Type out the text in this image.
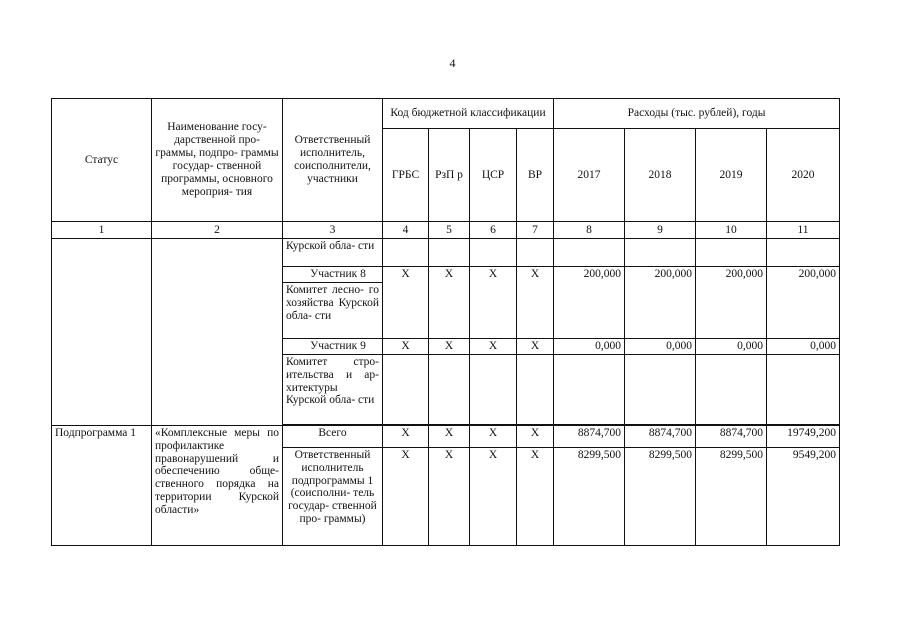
4
Статус	Наименование госу- дарственной про- граммы, подпро- граммы государ- ственной программы, основного мероприя- тия	Ответственный исполнитель, соисполнители, участники	Код бюджетной классификации				Расходы (тыс. рублей), годы			
			ГРБС	РзП р	ЦСР	ВР	2017	2018	2019	2020
1	2	3	4	5	6	7	8	9	10	11
		Курской обла- сти								
		Участник 8	Х	Х	Х	Х	200,000	200,000	200,000	200,000
		Комитет лесно- го хозяйства Курской обла- сти								
		Участник 9	Х	Х	Х	Х	0,000	0,000	0,000	0,000
		Комитет стро- ительства и ар- хитектуры Курской обла- сти								

Подпрограмма 1	«Комплексные меры по профилактике правонарушений и обеспечению обще- ственного порядка на территории Курской области»	Всего	Х	Х	Х	Х	8874,700	8874,700	8874,700	19749,200
		Ответственный исполнитель подпрограммы 1 (соисполни- тель государ- ственной про- граммы)	Х	Х	Х	Х	8299,500	8299,500	8299,500	9549,200
